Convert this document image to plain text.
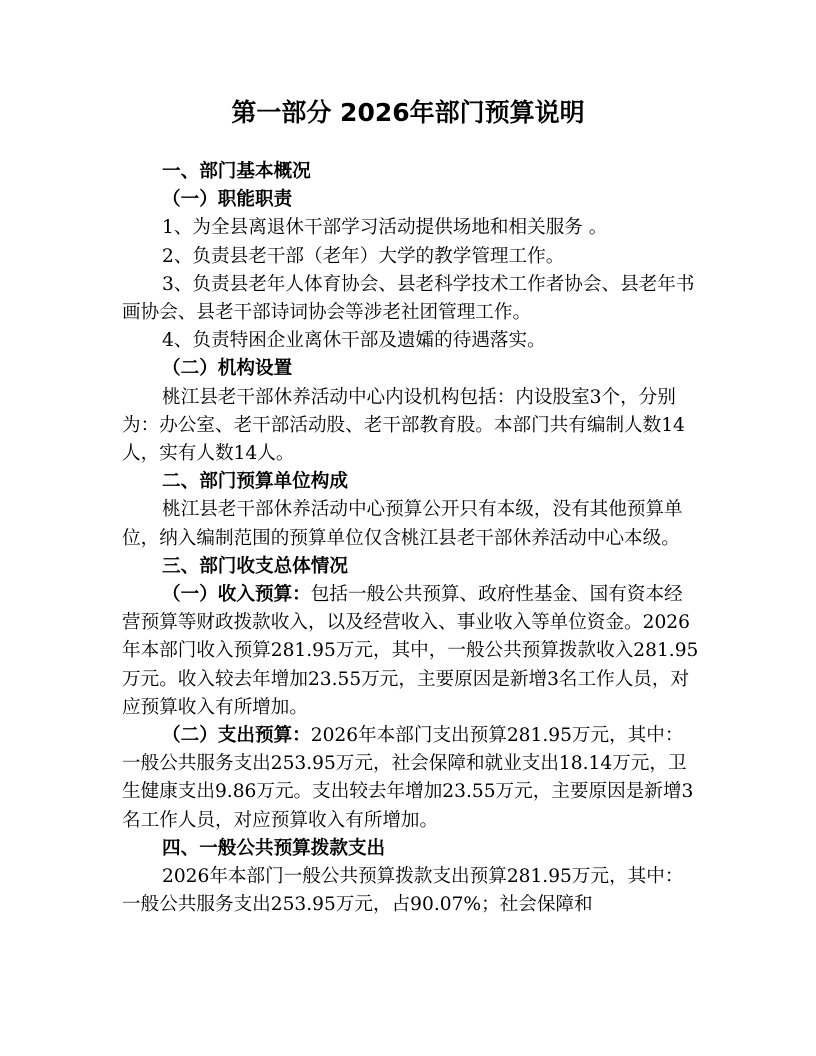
第一部分 2026年部门预算说明

一、部门基本概况

（一）职能职责

1、为全县离退休干部学习活动提供场地和相关服务 。

2、负责县老干部（老年）大学的教学管理工作。

3、负责县老年人体育协会、县老科学技术工作者协会、县老年书画协会、县老干部诗词协会等涉老社团管理工作。

4、负责特困企业离休干部及遗孀的待遇落实。

（二）机构设置

桃江县老干部休养活动中心内设机构包括：内设股室3个，分别为：办公室、老干部活动股、老干部教育股。本部门共有编制人数14人，实有人数14人。

二、部门预算单位构成

桃江县老干部休养活动中心预算公开只有本级，没有其他预算单位，纳入编制范围的预算单位仅含桃江县老干部休养活动中心本级。

三、部门收支总体情况

（一）收入预算：包括一般公共预算、政府性基金、国有资本经营预算等财政拨款收入，以及经营收入、事业收入等单位资金。2026年本部门收入预算281.95万元，其中，一般公共预算拨款收入281.95万元。收入较去年增加23.55万元，主要原因是新增3名工作人员，对应预算收入有所增加。

（二）支出预算：2026年本部门支出预算281.95万元，其中：一般公共服务支出253.95万元，社会保障和就业支出18.14万元，卫生健康支出9.86万元。支出较去年增加23.55万元，主要原因是新增3名工作人员，对应预算收入有所增加。

四、一般公共预算拨款支出

2026年本部门一般公共预算拨款支出预算281.95万元，其中：一般公共服务支出253.95万元，占90.07%；社会保障和
